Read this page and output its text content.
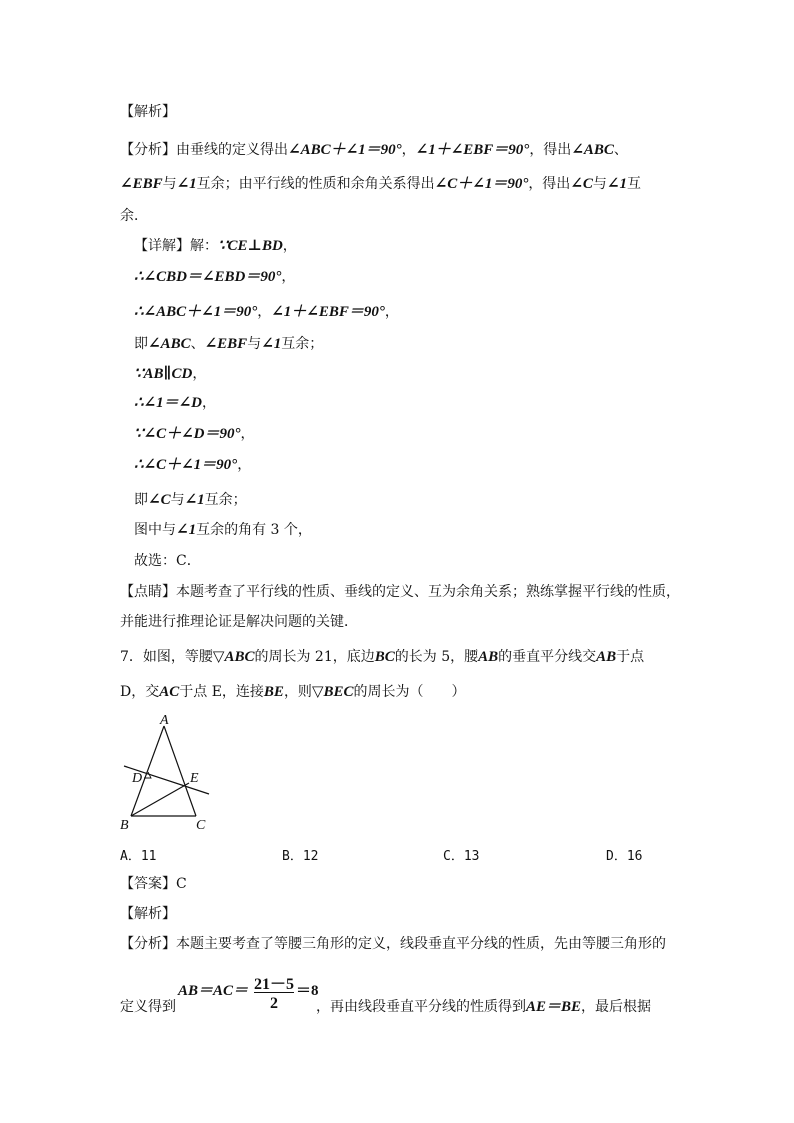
【解析】
【分析】由垂线的定义得出∠ABC＋∠1＝90°，∠1＋∠EBF＝90°，得出∠ABC、
∠EBF与∠1互余；由平行线的性质和余角关系得出∠C＋∠1＝90°，得出∠C与∠1互
余．
【详解】解：∵CE⊥BD，
∴∠CBD＝∠EBD＝90°，
∴∠ABC＋∠1＝90°，∠1＋∠EBF＝90°，
即∠ABC、∠EBF与∠1互余；
∵AB∥CD，
∴∠1＝∠D，
∵∠C＋∠D＝90°，
∴∠C＋∠1＝90°，
即∠C与∠1互余；
图中与∠1互余的角有 3 个，
故选：C．
【点睛】本题考查了平行线的性质、垂线的定义、互为余角关系；熟练掌握平行线的性质，
并能进行推理论证是解决问题的关键．
7．如图，等腰▽ABC的周长为 21，底边BC的长为 5，腰AB的垂直平分线交AB于点
D，交AC于点 E，连接BE，则▽BEC的周长为（　　）
A
D	E
B	C
A．11	B．12	C．13	D．16
【答案】C
【解析】
【分析】本题主要考查了等腰三角形的定义，线段垂直平分线的性质，先由等腰三角形的
定义得到
AB＝AC＝ 21－5
2
＝8
，再由线段垂直平分线的性质得到AE＝BE，最后根据
